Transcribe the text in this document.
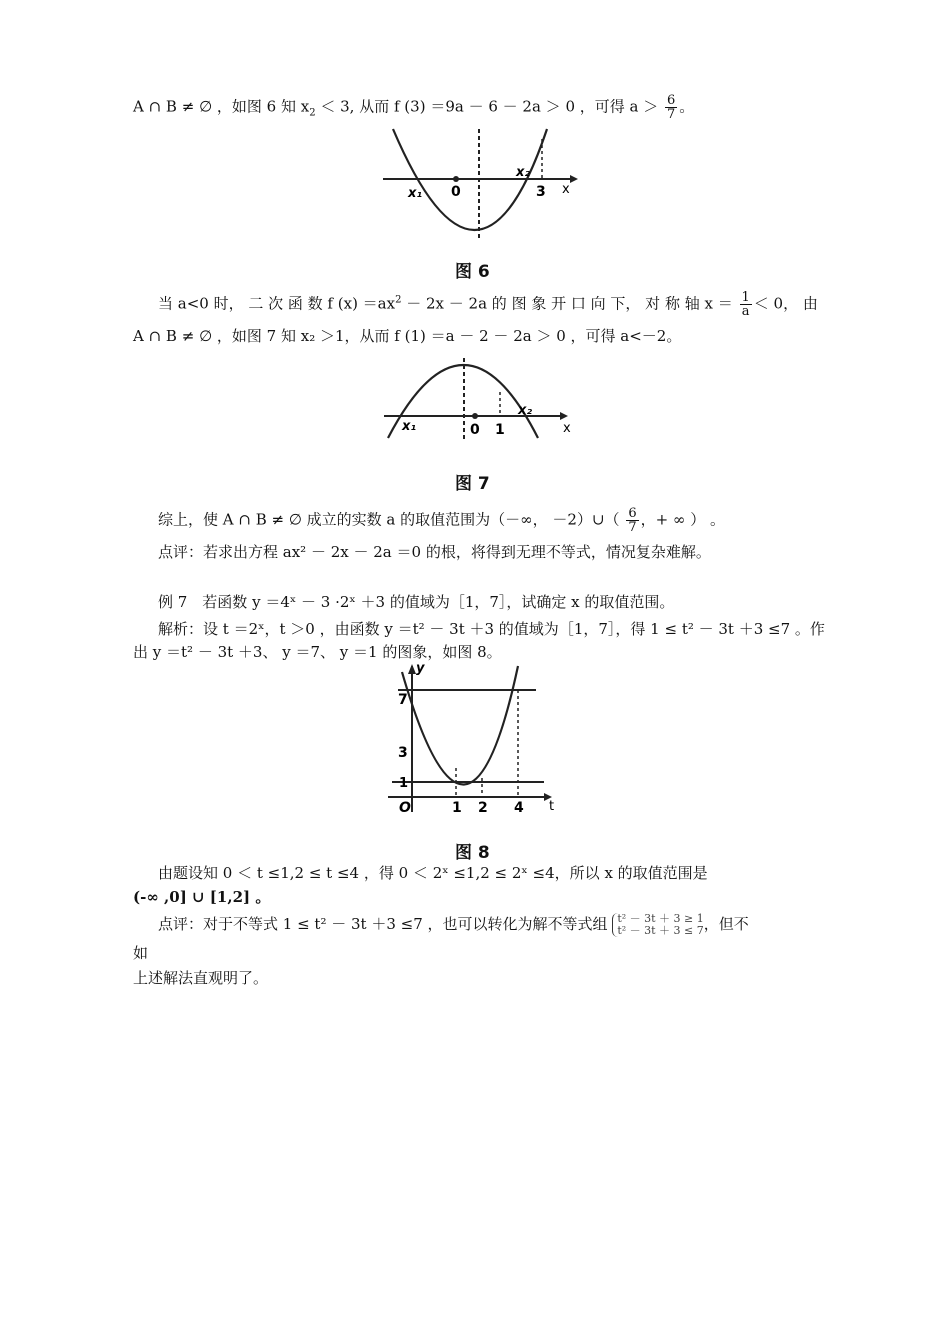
A ∩ B ≠ ∅ ，如图 6 知 $x_2 < 3$, 从而 f (3) ＝9a － 6 － 2a ＞ 0 ，可得 $a > \frac{6}{7}$ 。
x₁ 0
x₂
3 x
图 6
当 a<0 时， 二 次 函 数 f $(x) =ax^2 - 2x - 2a$ 的 图 象 开 口 向 下， 对 称 轴 $x = \frac{1}{a} < 0$， 由
A ∩ B ≠ ∅ ，如图 7 知 x₂ ＞1，从而 f (1) ＝a － 2 － 2a ＞ 0 ，可得 a<－2。
x₁	0 1
x₂
x
图 7
综上，使 A ∩ B ≠ ∅ 成立的实数 a 的取值范围为（－∞， －2）∪（ $\frac{6}{7}$ ，+ ∞ ） 。
点评：若求出方程 ax² － 2x － 2a ＝0 的根，将得到无理不等式，情况复杂难解。
例 7　若函数 y ＝4ˣ － 3 ·2ˣ ＋3 的值域为［1，7］，试确定 x 的取值范围。
解析：设 t ＝2ˣ，t ＞0 ，由函数 y ＝t² － 3t ＋3 的值域为［1，7］，得 1 ≤ t² － 3t ＋3 ≤7 。作
出 y ＝t² － 3t ＋3、 y ＝7、 y ＝1 的图象，如图 8。
y
7
3
1
O	1 2 4 t
图 8
由题设知 0 ＜ t ≤1,2 ≤ t ≤4 ，得 0 ＜ 2ˣ ≤1,2 ≤ 2ˣ ≤4，所以 x 的取值范围是
(-∞ ,0] ∪ [1,2] 。
点评：对于不等式 1 ≤ t² － 3t ＋3 ≤7 ，也可以转化为解不等式组 t² － 3t ＋ 3 ≥ 1
t² － 3t ＋ 3 ≤ 7 ，但不
如
上述解法直观明了。
